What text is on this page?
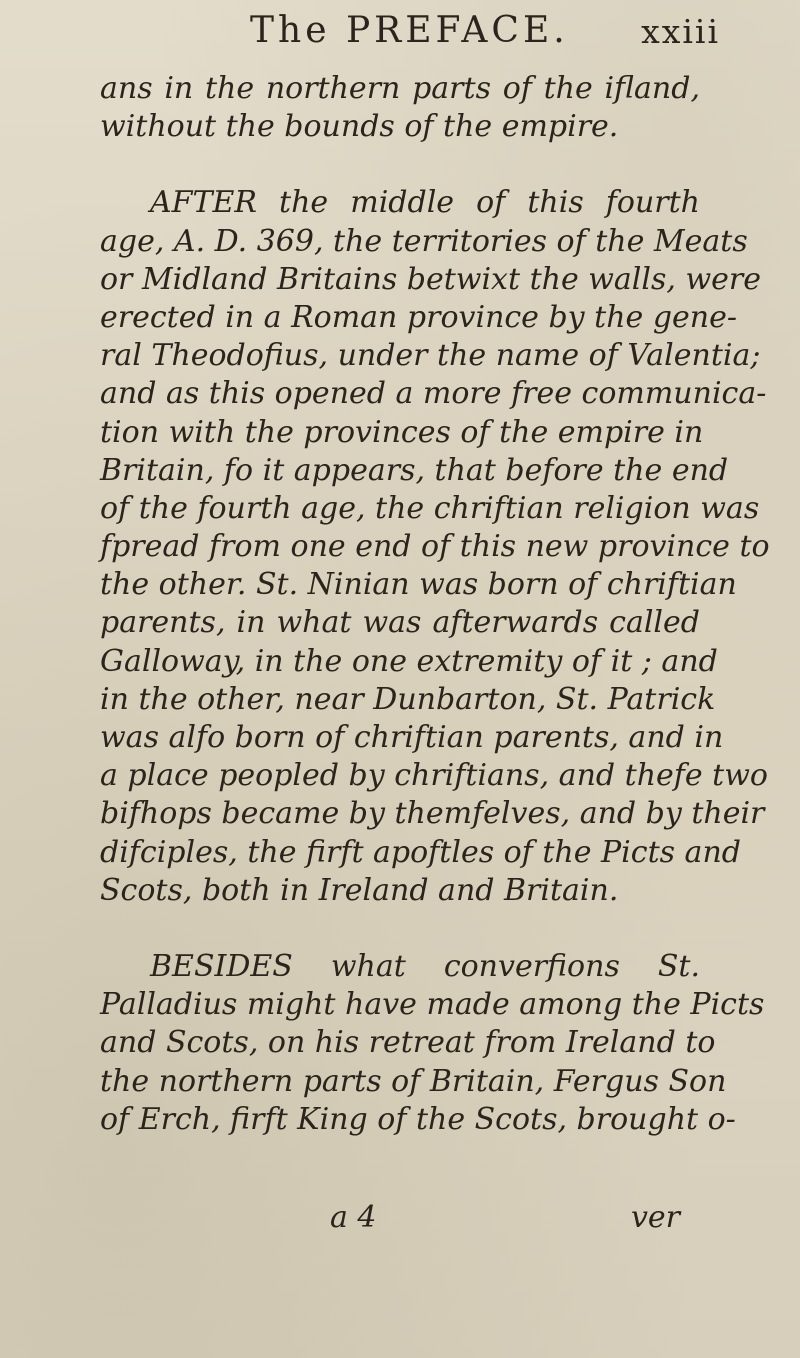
The PREFACE. xxiii
ans in the northern parts of the ifland,
without the bounds of the empire.
AFTER the middle of this fourth
age, A. D. 369, the territories of the Meats
or Midland Britains betwixt the walls, were
erected in a Roman province by the gene-
ral Theodofius, under the name of Valentia;
and as this opened a more free communica-
tion with the provinces of the empire in
Britain, fo it appears, that before the end
of the fourth age, the chriftian religion was
fpread from one end of this new province to
the other. St. Ninian was born of chriftian
parents, in what was afterwards called
Galloway, in the one extremity of it ; and
in the other, near Dunbarton, St. Patrick
was alfo born of chriftian parents, and in
a place peopled by chriftians, and thefe two
bifhops became by themfelves, and by their
difciples, the firft apoftles of the Picts and
Scots, both in Ireland and Britain.
BESIDES what converfions St.
Palladius might have made among the Picts
and Scots, on his retreat from Ireland to
the northern parts of Britain, Fergus Son
of Erch, firft King of the Scots, brought o-
a 4	ver
